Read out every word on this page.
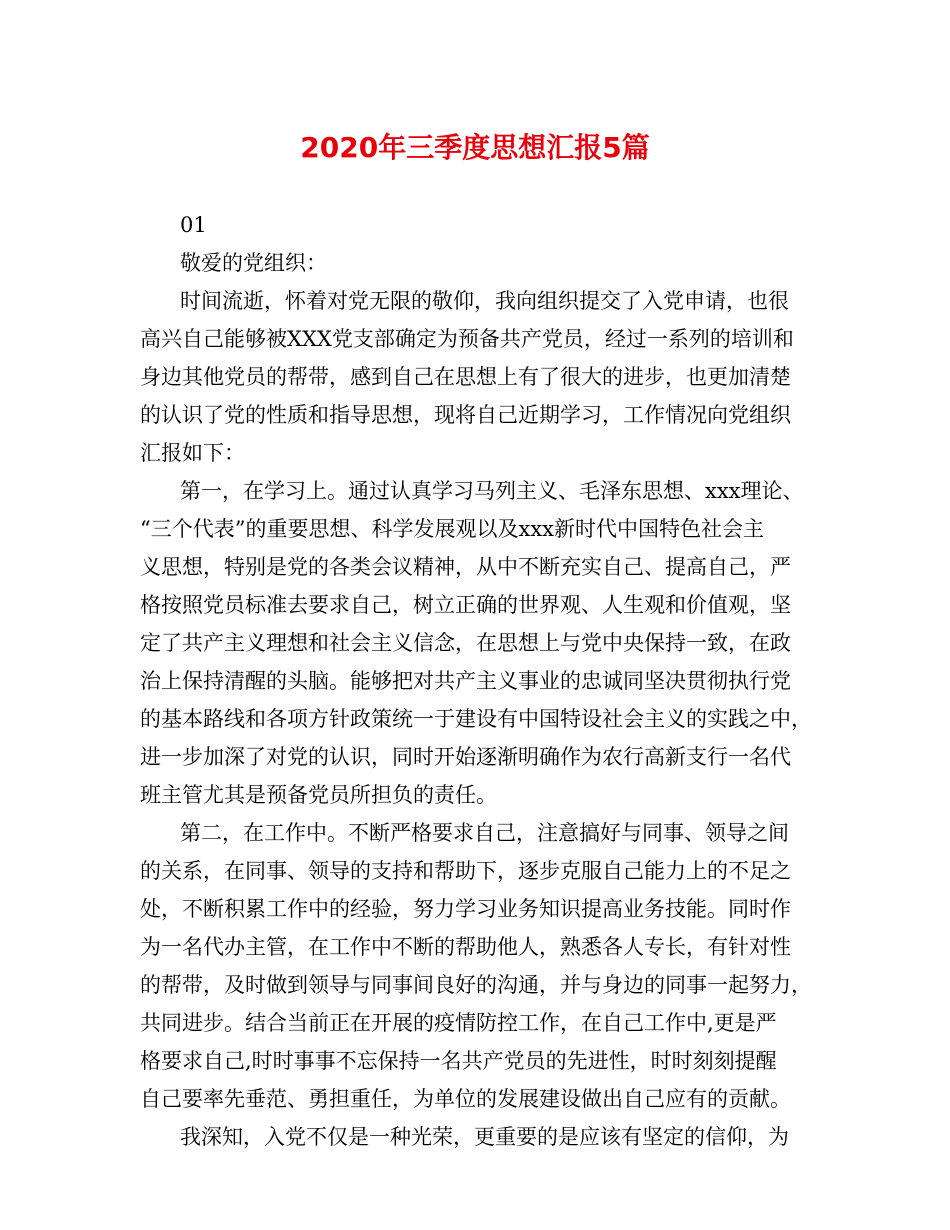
2020年三季度思想汇报5篇
01
敬爱的党组织：
时间流逝，怀着对党无限的敬仰，我向组织提交了入党申请，也很
高兴自己能够被XXX党支部确定为预备共产党员，经过一系列的培训和
身边其他党员的帮带，感到自己在思想上有了很大的进步，也更加清楚
的认识了党的性质和指导思想，现将自己近期学习，工作情况向党组织
汇报如下：
第一，在学习上。通过认真学习马列主义、毛泽东思想、xxx理论、
“三个代表”的重要思想、科学发展观以及xxx新时代中国特色社会主
义思想，特别是党的各类会议精神，从中不断充实自己、提高自己，严
格按照党员标准去要求自己，树立正确的世界观、人生观和价值观，坚
定了共产主义理想和社会主义信念，在思想上与党中央保持一致，在政
治上保持清醒的头脑。能够把对共产主义事业的忠诚同坚决贯彻执行党
的基本路线和各项方针政策统一于建设有中国特设社会主义的实践之中，
进一步加深了对党的认识，同时开始逐渐明确作为农行高新支行一名代
班主管尤其是预备党员所担负的责任。
第二，在工作中。不断严格要求自己，注意搞好与同事、领导之间
的关系，在同事、领导的支持和帮助下，逐步克服自己能力上的不足之
处，不断积累工作中的经验，努力学习业务知识提高业务技能。同时作
为一名代办主管，在工作中不断的帮助他人，熟悉各人专长，有针对性
的帮带，及时做到领导与同事间良好的沟通，并与身边的同事一起努力，
共同进步。结合当前正在开展的疫情防控工作，在自己工作中,更是严
格要求自己,时时事事不忘保持一名共产党员的先进性，时时刻刻提醒
自己要率先垂范、勇担重任，为单位的发展建设做出自己应有的贡献。
我深知，入党不仅是一种光荣，更重要的是应该有坚定的信仰，为
